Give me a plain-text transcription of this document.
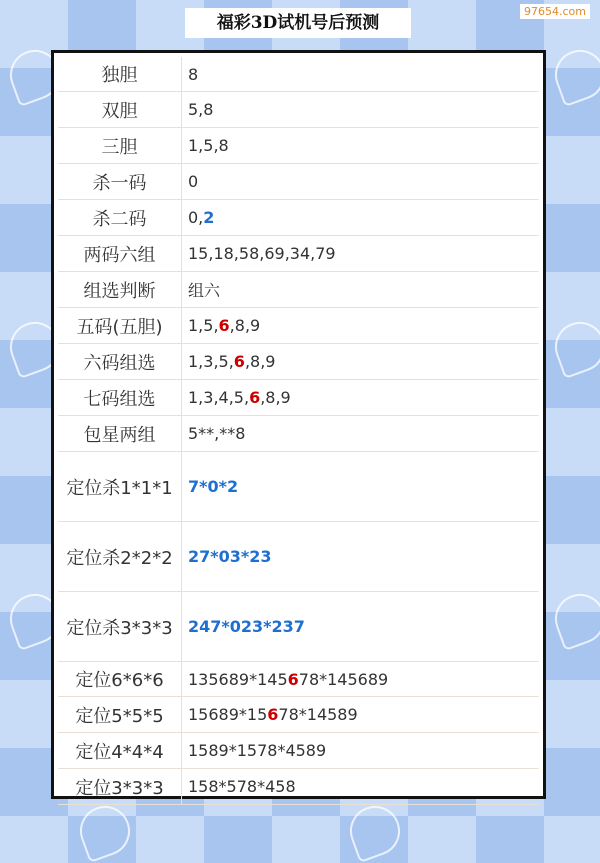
福彩3D试机号后预测
97654.com
独胆	8
双胆	5,8
三胆	1,5,8
杀一码	0
杀二码	0,2
两码六组	15,18,58,69,34,79
组选判断	组六
五码(五胆)	1,5,6,8,9
六码组选	1,3,5,6,8,9
七码组选	1,3,4,5,6,8,9
包星两组	5**,**8
定位杀1*1*1	7*0*2
定位杀2*2*2	27*03*23
定位杀3*3*3	247*023*237
定位6*6*6	135689*145678*145689
定位5*5*5	15689*15678*14589
定位4*4*4	1589*1578*4589
定位3*3*3	158*578*458
